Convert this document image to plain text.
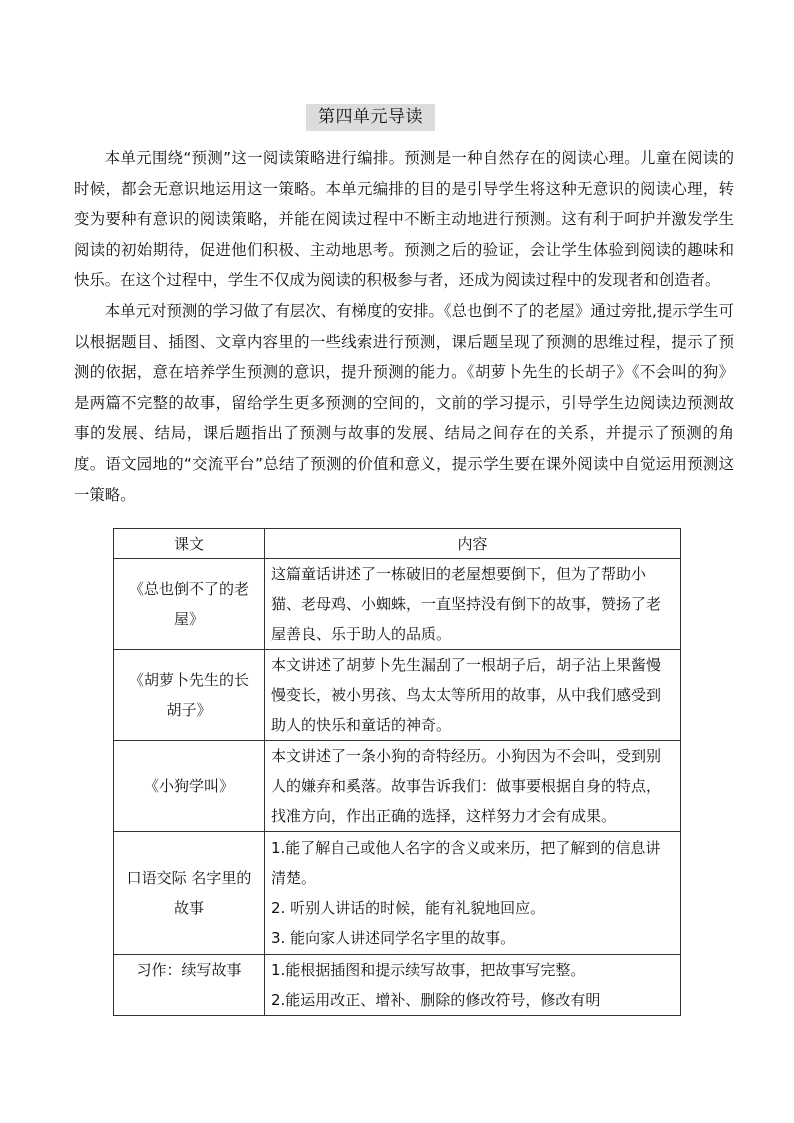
第四单元导读

本单元围绕“预测”这一阅读策略进行编排。预测是一种自然存在的阅读心理。儿童在阅读的时候，都会无意识地运用这一策略。本单元编排的目的是引导学生将这种无意识的阅读心理，转变为要种有意识的阅读策略，并能在阅读过程中不断主动地进行预测。这有利于呵护并激发学生阅读的初始期待，促进他们积极、主动地思考。预测之后的验证，会让学生体验到阅读的趣味和快乐。在这个过程中，学生不仅成为阅读的积极参与者，还成为阅读过程中的发现者和创造者。

本单元对预测的学习做了有层次、有梯度的安排。《总也倒不了的老屋》通过旁批,提示学生可以根据题目、插图、文章内容里的一些线索进行预测，课后题呈现了预测的思维过程，提示了预测的依据，意在培养学生预测的意识，提升预测的能力。《胡萝卜先生的长胡子》《不会叫的狗》是两篇不完整的故事，留给学生更多预测的空间的，文前的学习提示，引导学生边阅读边预测故事的发展、结局，课后题指出了预测与故事的发展、结局之间存在的关系，并提示了预测的角度。语文园地的“交流平台”总结了预测的价值和意义，提示学生要在课外阅读中自觉运用预测这一策略。

课文	内容

《总也倒不了的老
屋》	这篇童话讲述了一栋破旧的老屋想要倒下，但为了帮助小猫、老母鸡、小蜘蛛，一直坚持没有倒下的故事，赞扬了老屋善良、乐于助人的品质。

《胡萝卜先生的长
胡子》	本文讲述了胡萝卜先生漏刮了一根胡子后，胡子沾上果酱慢慢变长，被小男孩、鸟太太等所用的故事，从中我们感受到助人的快乐和童话的神奇。

《小狗学叫》	本文讲述了一条小狗的奇特经历。小狗因为不会叫，受到别人的嫌弃和奚落。故事告诉我们：做事要根据自身的特点，找准方向，作出正确的选择，这样努力才会有成果。

口语交际 名字里的
故事	1.能了解自己或他人名字的含义或来历，把了解到的信息讲清楚。
2. 听别人讲话的时候，能有礼貌地回应。
3. 能向家人讲述同学名字里的故事。

习作：续写故事	1.能根据插图和提示续写故事，把故事写完整。
2.能运用改正、增补、删除的修改符号，修改有明
